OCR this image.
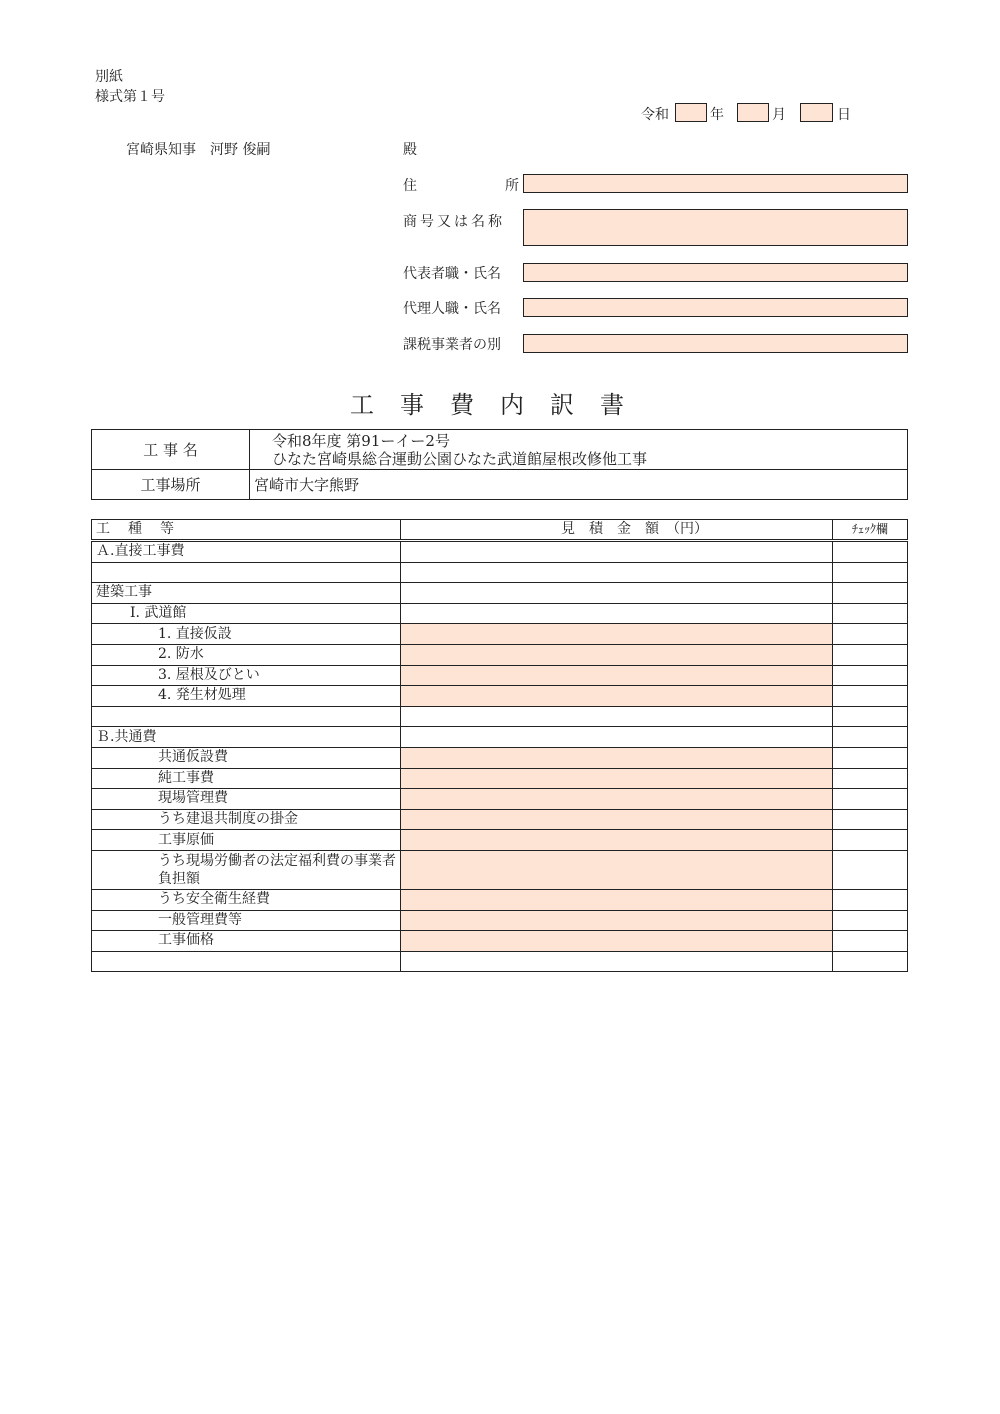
別紙
様式第１号
令和	年	月	日
宮崎県知事　河野 俊嗣	殿
住	所
商号又は名称
代表者職・氏名
代理人職・氏名
課税事業者の別
工事費内訳書
工 事 名	令和8年度 第91ーイー2号
ひなた宮崎県総合運動公園ひなた武道館屋根改修他工事

工事場所	宮崎市大字熊野
工　種　等	見　積　金　額　（円）	ﾁｪｯｸ欄
Ａ.直接工事費		

建築工事		
Ⅰ. 武道館		
1. 直接仮設		
2. 防水		
3. 屋根及びとい		
4. 発生材処理		

Ｂ.共通費		
共通仮設費		
純工事費		
現場管理費		
うち建退共制度の掛金		
工事原価		
うち現場労働者の法定福利費の事業者負担額		
うち安全衛生経費		
一般管理費等		
工事価格		
